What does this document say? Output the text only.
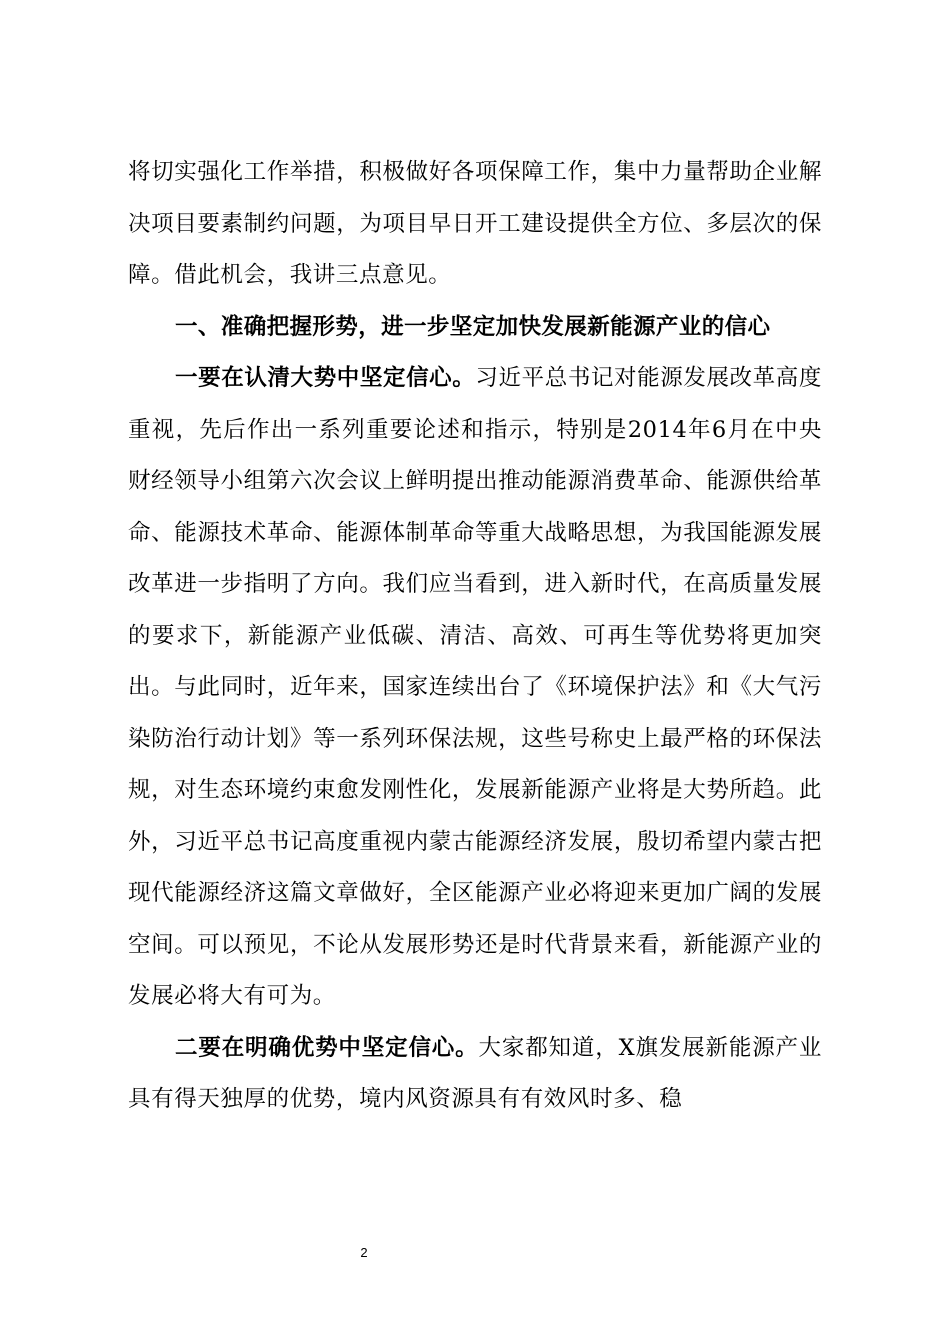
将切实强化工作举措，积极做好各项保障工作，集中力量帮助企业解决项目要素制约问题，为项目早日开工建设提供全方位、多层次的保障。借此机会，我讲三点意见。

一、准确把握形势，进一步坚定加快发展新能源产业的信心

一要在认清大势中坚定信心。习近平总书记对能源发展改革高度重视，先后作出一系列重要论述和指示，特别是2014年6月在中央财经领导小组第六次会议上鲜明提出推动能源消费革命、能源供给革命、能源技术革命、能源体制革命等重大战略思想，为我国能源发展改革进一步指明了方向。我们应当看到，进入新时代，在高质量发展的要求下，新能源产业低碳、清洁、高效、可再生等优势将更加突出。与此同时，近年来，国家连续出台了《环境保护法》和《大气污染防治行动计划》等一系列环保法规，这些号称史上最严格的环保法规，对生态环境约束愈发刚性化，发展新能源产业将是大势所趋。此外，习近平总书记高度重视内蒙古能源经济发展，殷切希望内蒙古把现代能源经济这篇文章做好，全区能源产业必将迎来更加广阔的发展空间。可以预见，不论从发展形势还是时代背景来看，新能源产业的发展必将大有可为。

二要在明确优势中坚定信心。大家都知道，X旗发展新能源产业具有得天独厚的优势，境内风资源具有有效风时多、稳

2
